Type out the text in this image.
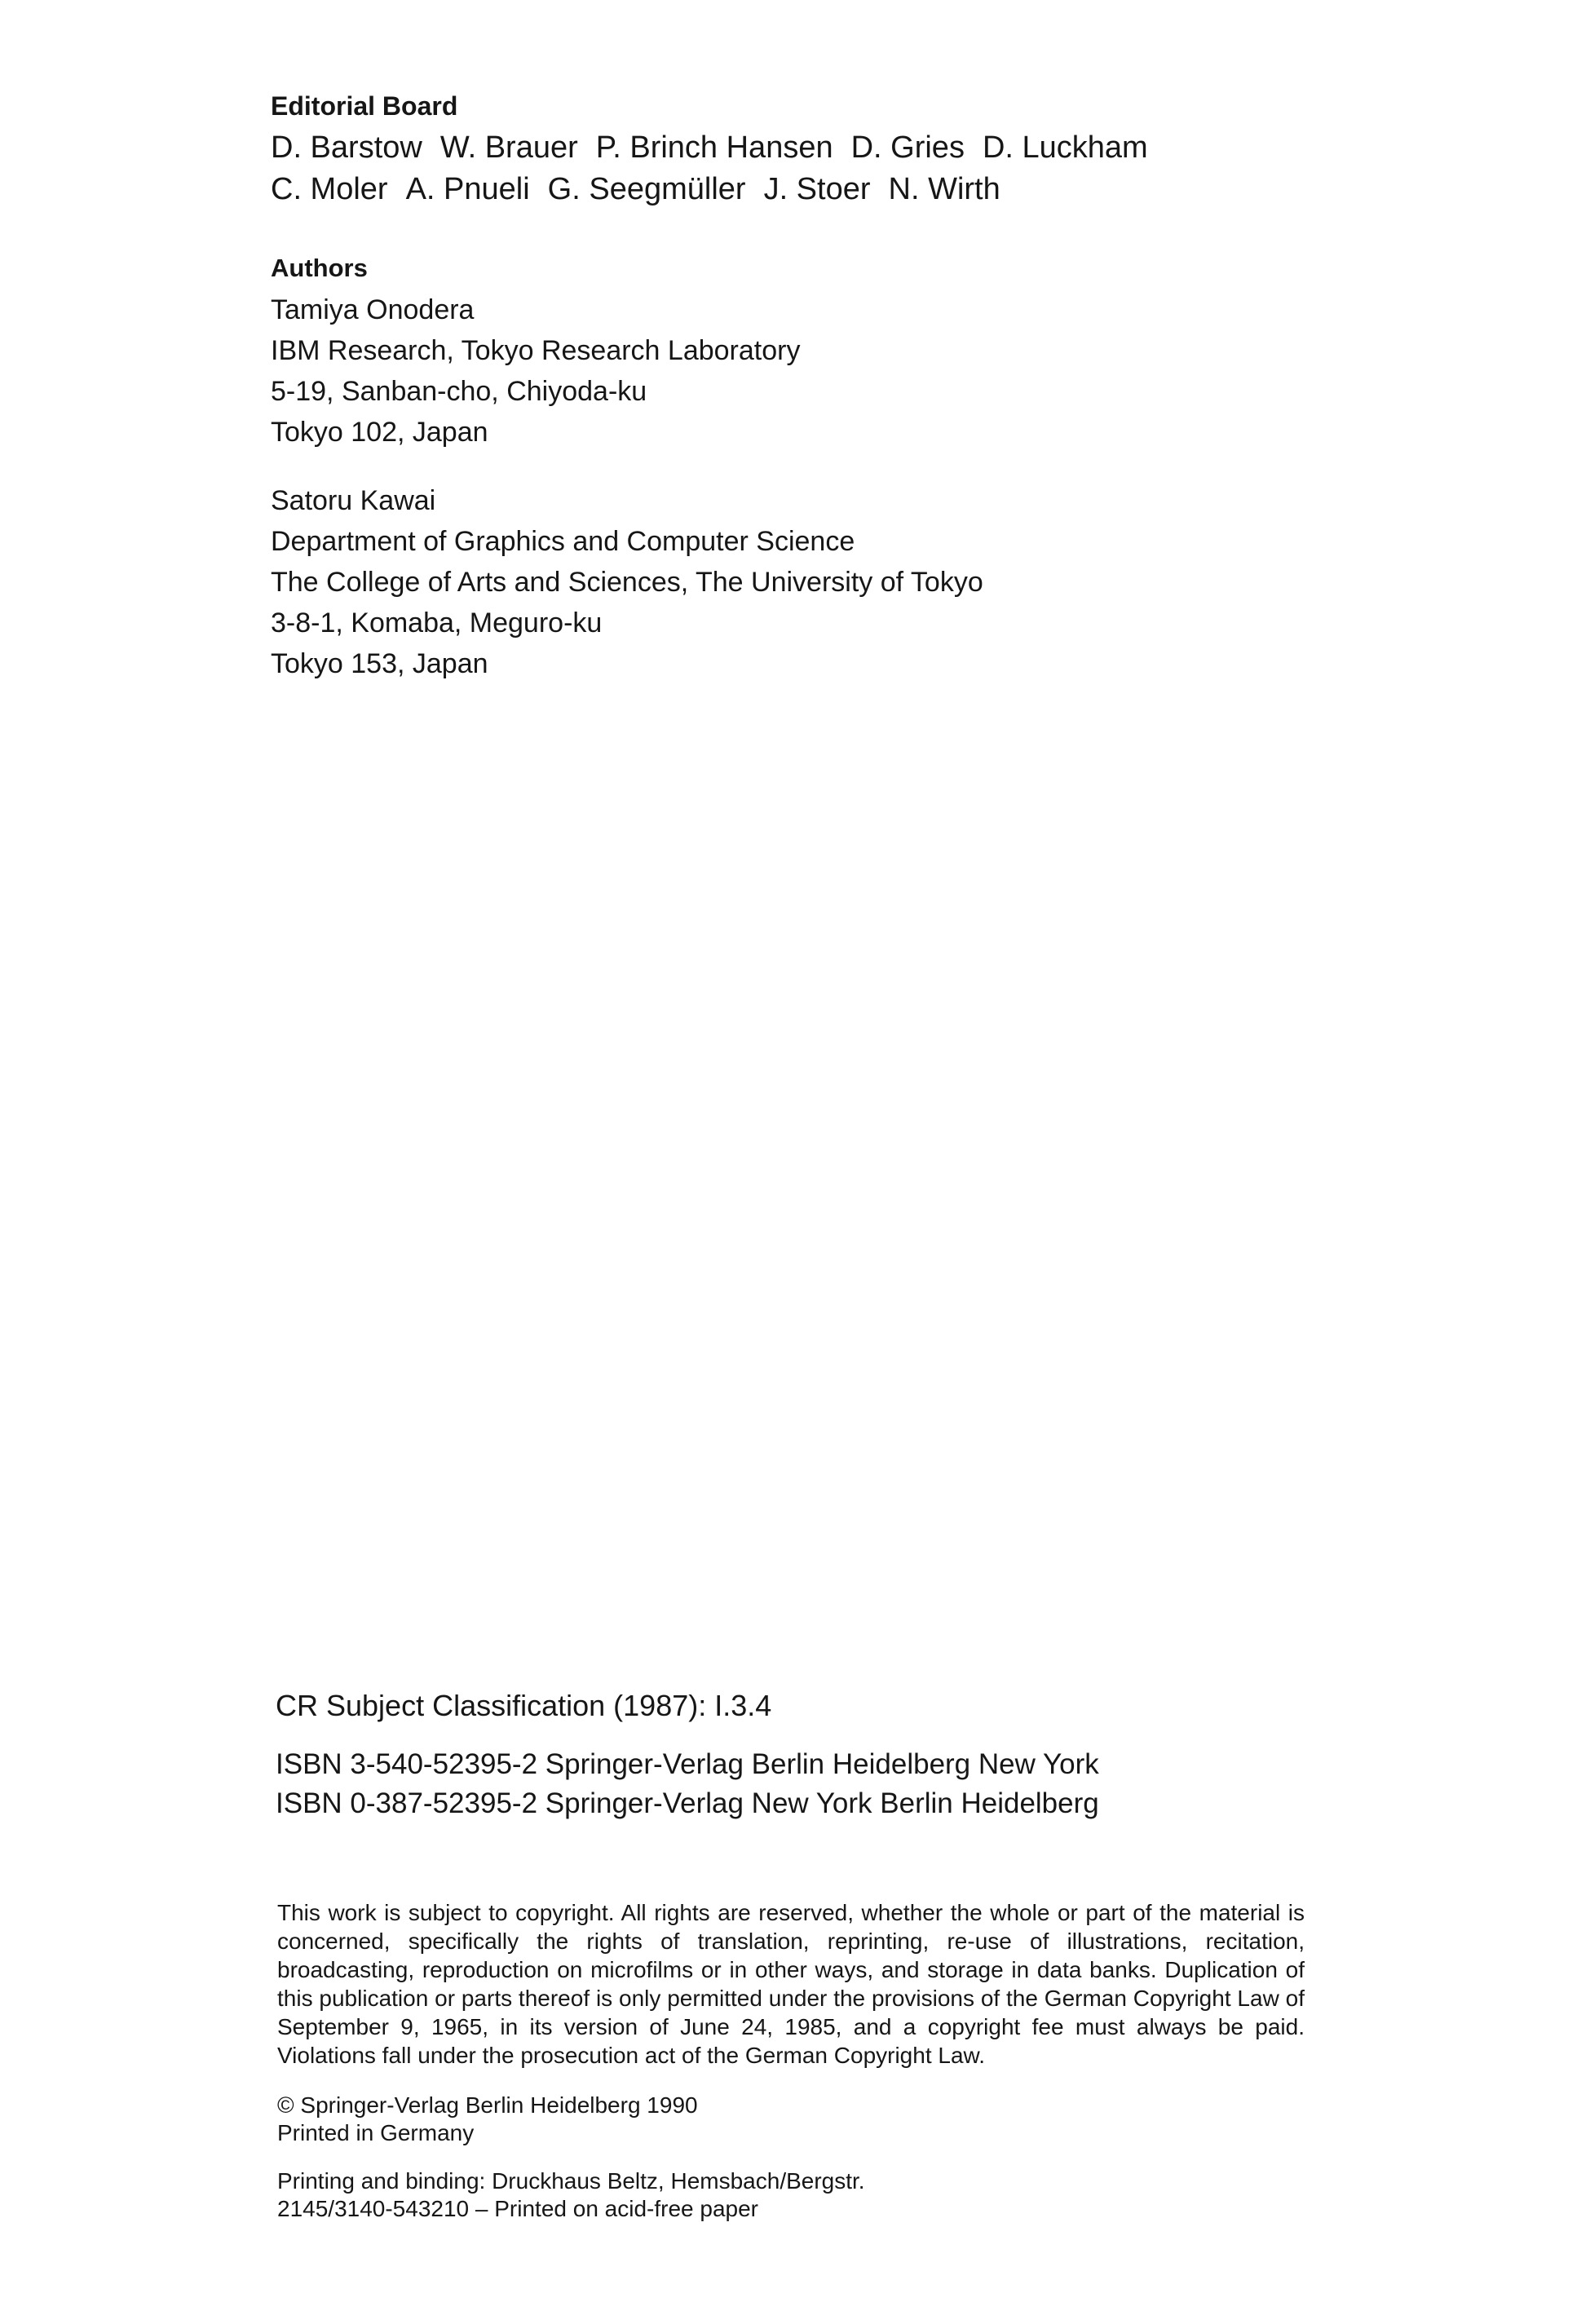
Editorial Board
D. Barstow W. Brauer P. Brinch Hansen D. Gries D. Luckham
C. Moler A. Pnueli G. Seegmüller J. Stoer N. Wirth
Authors
Tamiya Onodera
IBM Research, Tokyo Research Laboratory
5-19, Sanban-cho, Chiyoda-ku
Tokyo 102, Japan
Satoru Kawai
Department of Graphics and Computer Science
The College of Arts and Sciences, The University of Tokyo
3-8-1, Komaba, Meguro-ku
Tokyo 153, Japan
CR Subject Classification (1987): I.3.4
ISBN 3-540-52395-2 Springer-Verlag Berlin Heidelberg New York
ISBN 0-387-52395-2 Springer-Verlag New York Berlin Heidelberg
This work is subject to copyright. All rights are reserved, whether the whole or part of the material is concerned, specifically the rights of translation, reprinting, re-use of illustrations, recitation, broadcasting, reproduction on microfilms or in other ways, and storage in data banks. Duplication of this publication or parts thereof is only permitted under the provisions of the German Copyright Law of September 9, 1965, in its version of June 24, 1985, and a copyright fee must always be paid. Violations fall under the prosecution act of the German Copyright Law.
© Springer-Verlag Berlin Heidelberg 1990
Printed in Germany
Printing and binding: Druckhaus Beltz, Hemsbach/Bergstr.
2145/3140-543210 – Printed on acid-free paper
